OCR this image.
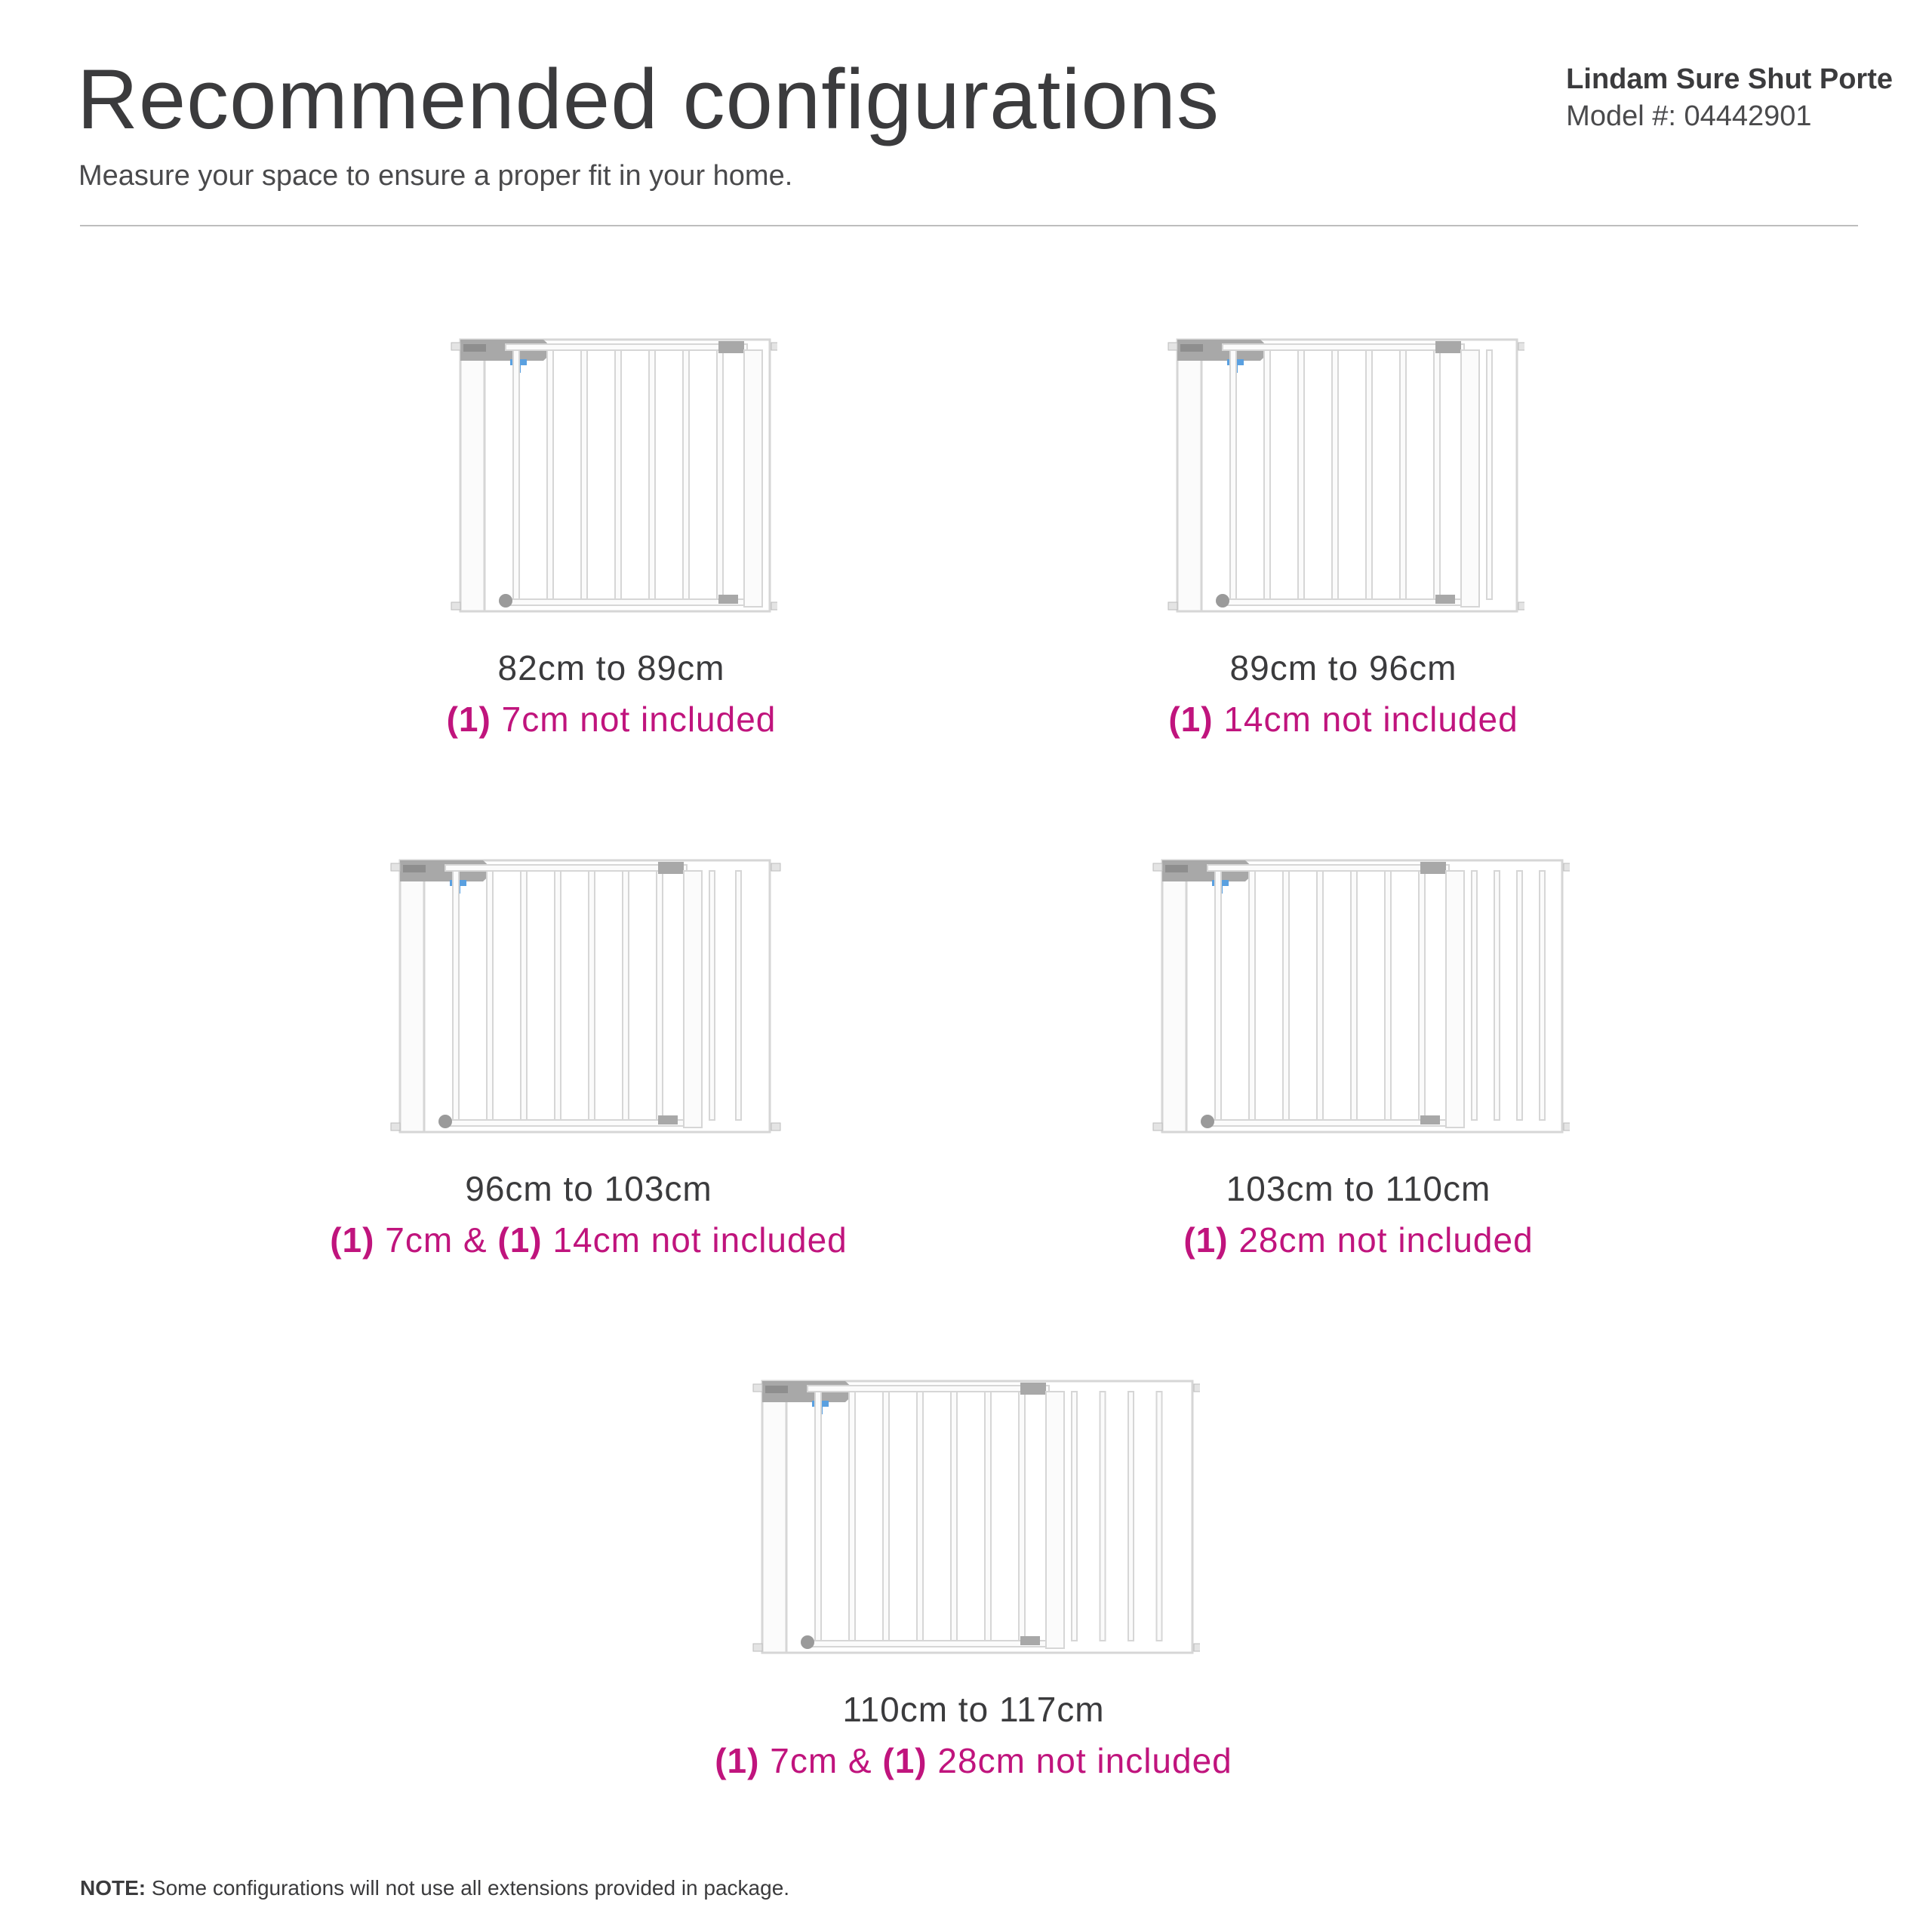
Recommended configurations
Measure your space to ensure a proper fit in your home.
Lindam Sure Shut Porte
Model #: 04442901
82cm to 89cm
(1) 7cm not included
89cm to 96cm
(1) 14cm not included
96cm to 103cm
(1) 7cm & (1) 14cm not included
103cm to 110cm
(1) 28cm not included
110cm to 117cm
(1) 7cm & (1) 28cm not included
NOTE: Some configurations will not use all extensions provided in package.
